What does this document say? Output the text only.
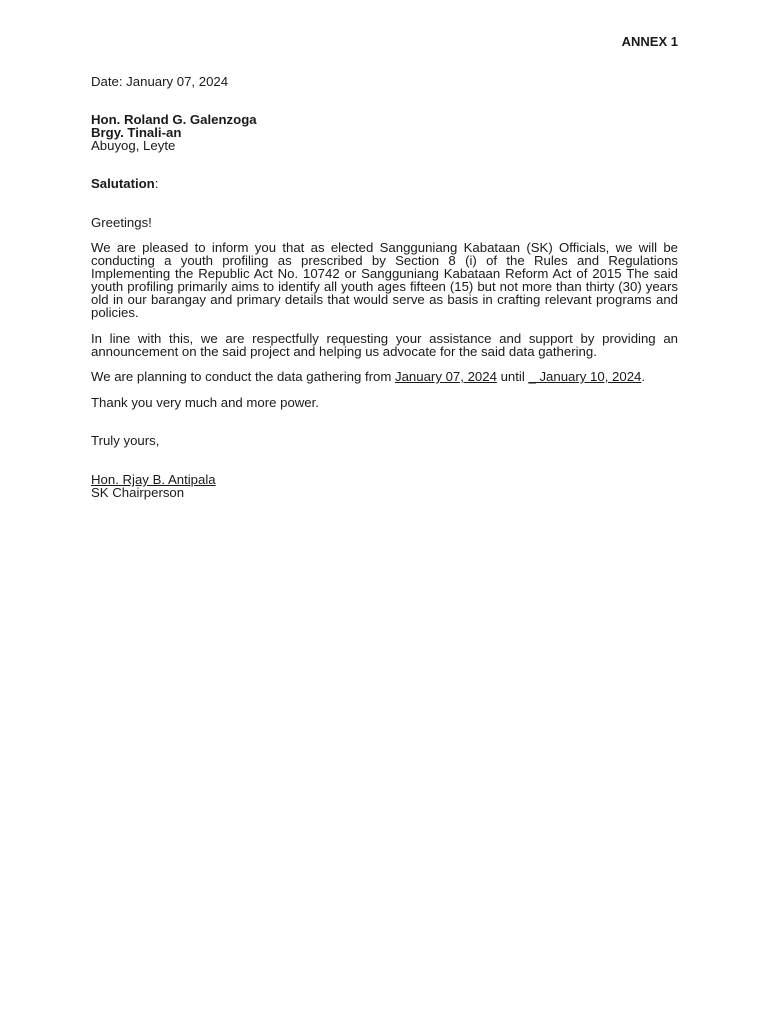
ANNEX 1
Date: January 07, 2024
Hon. Roland G. Galenzoga
Brgy. Tinali-an
Abuyog, Leyte
Salutation:
Greetings!
We are pleased to inform you that as elected Sangguniang Kabataan (SK) Officials, we will be conducting a youth profiling as prescribed by Section 8 (i) of the Rules and Regulations Implementing the Republic Act No. 10742 or Sangguniang Kabataan Reform Act of 2015 The said youth profiling primarily aims to identify all youth ages fifteen (15) but not more than thirty (30) years old in our barangay and primary details that would serve as basis in crafting relevant programs and policies.
In line with this, we are respectfully requesting your assistance and support by providing an announcement on the said project and helping us advocate for the said data gathering.
We are planning to conduct the data gathering from January 07, 2024 until _ January 10, 2024.
Thank you very much and more power.
Truly yours,
Hon. Rjay B. Antipala
SK Chairperson
